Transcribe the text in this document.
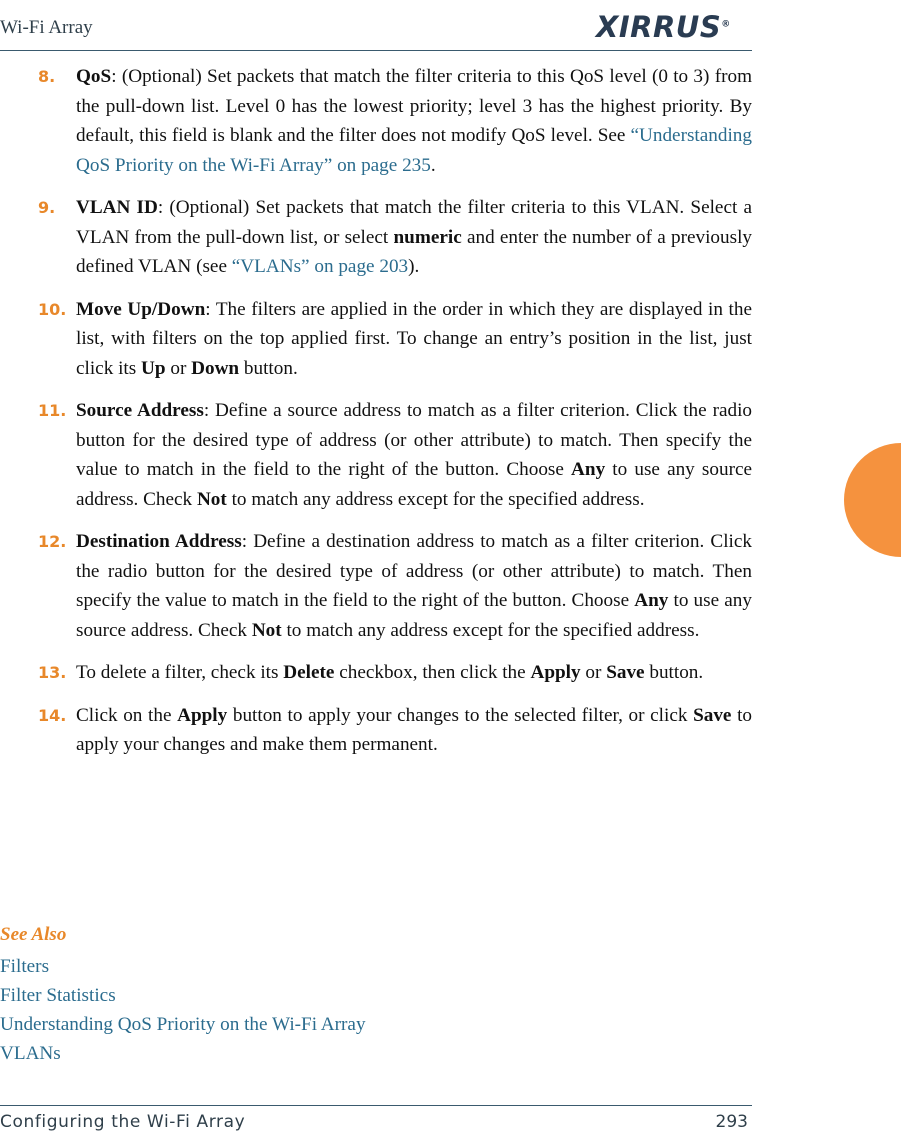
Wi-Fi Array	XIRRUS®
8. QoS: (Optional) Set packets that match the filter criteria to this QoS level (0 to 3) from the pull-down list. Level 0 has the lowest priority; level 3 has the highest priority. By default, this field is blank and the filter does not modify QoS level. See “Understanding QoS Priority on the Wi-Fi Array” on page 235.

9. VLAN ID: (Optional) Set packets that match the filter criteria to this VLAN. Select a VLAN from the pull-down list, or select numeric and enter the number of a previously defined VLAN (see “VLANs” on page 203).

10. Move Up/Down: The filters are applied in the order in which they are displayed in the list, with filters on the top applied first. To change an entry’s position in the list, just click its Up or Down button.

11. Source Address: Define a source address to match as a filter criterion. Click the radio button for the desired type of address (or other attribute) to match. Then specify the value to match in the field to the right of the button. Choose Any to use any source address. Check Not to match any address except for the specified address.

12. Destination Address: Define a destination address to match as a filter criterion. Click the radio button for the desired type of address (or other attribute) to match. Then specify the value to match in the field to the right of the button. Choose Any to use any source address. Check Not to match any address except for the specified address.

13. To delete a filter, check its Delete checkbox, then click the Apply or Save button.

14. Click on the Apply button to apply your changes to the selected filter, or click Save to apply your changes and make them permanent.

See Also
Filters
Filter Statistics
Understanding QoS Priority on the Wi-Fi Array
VLANs
Configuring the Wi-Fi Array	293
